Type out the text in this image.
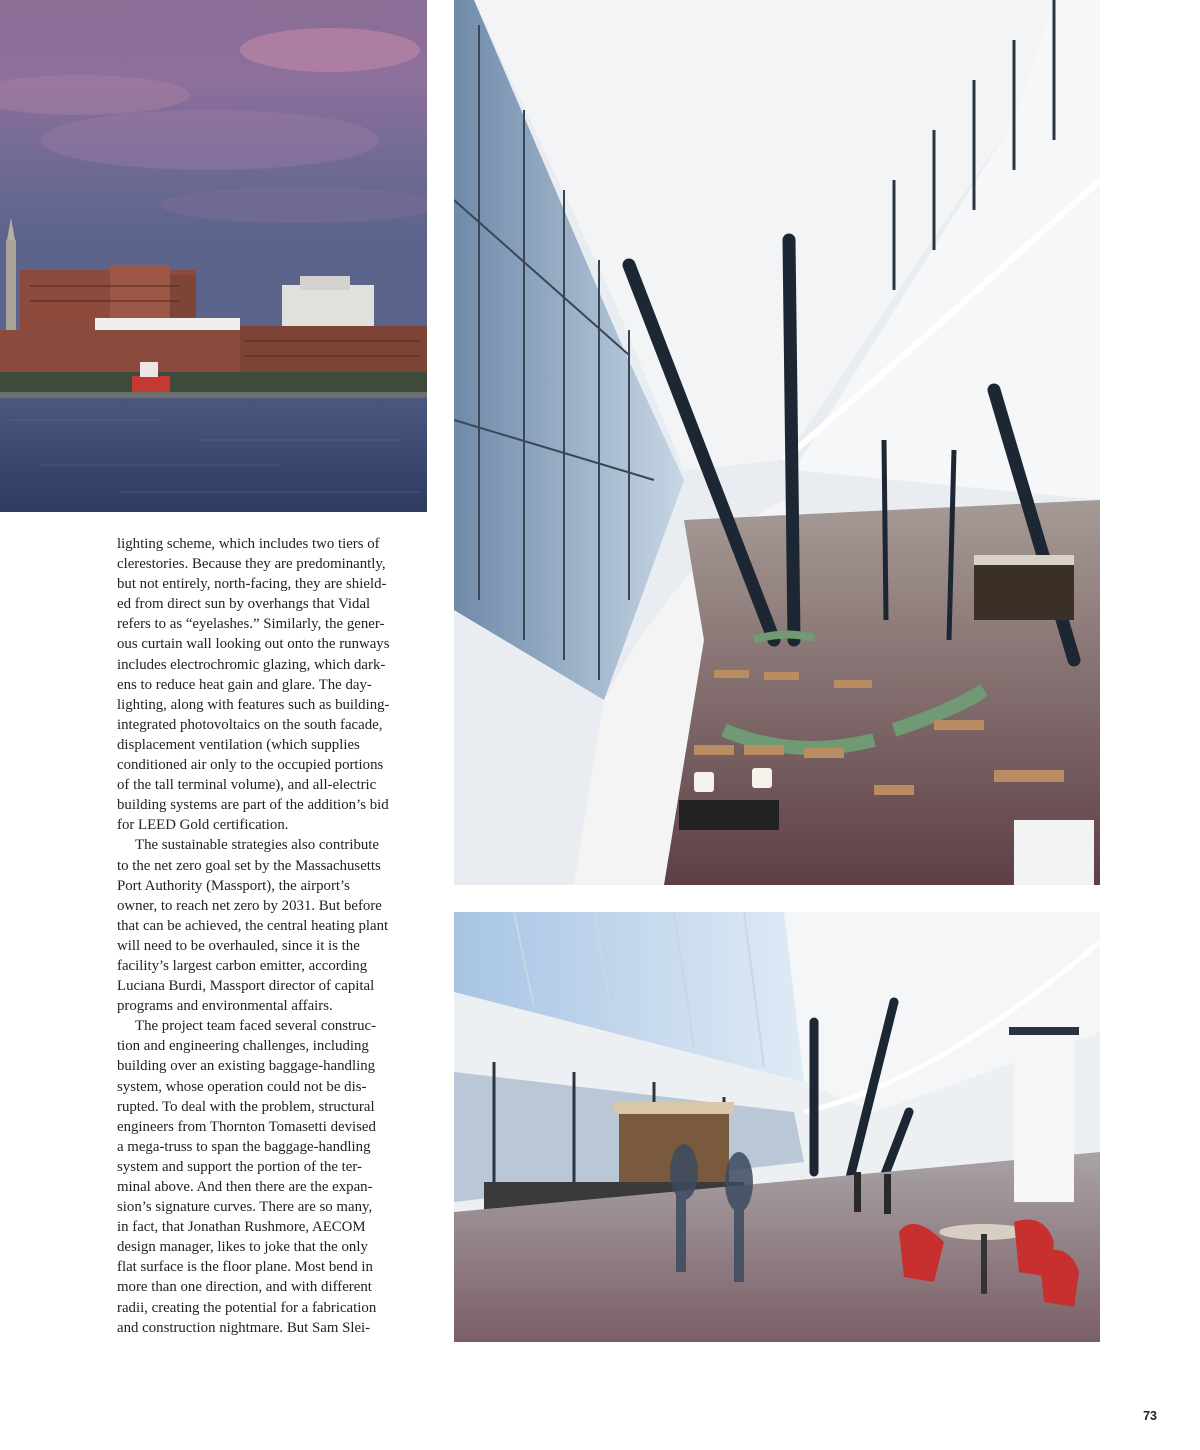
lighting scheme, which includes two tiers of
clerestories. Because they are predominantly,
but not entirely, north-facing, they are shield-
ed from direct sun by overhangs that Vidal
refers to as “eyelashes.” Similarly, the gener-
ous curtain wall looking out onto the runways
includes electrochromic glazing, which dark-
ens to reduce heat gain and glare. The day-
lighting, along with features such as building-
integrated photovoltaics on the south facade,
displacement ventilation (which supplies
conditioned air only to the occupied portions
of the tall terminal volume), and all-electric
building systems are part of the addition’s bid
for LEED Gold certification.

The sustainable strategies also contribute
to the net zero goal set by the Massachusetts
Port Authority (Massport), the airport’s
owner, to reach net zero by 2031. But before
that can be achieved, the central heating plant
will need to be overhauled, since it is the
facility’s largest carbon emitter, according
Luciana Burdi, Massport director of capital
programs and environmental affairs.

The project team faced several construc-
tion and engineering challenges, including
building over an existing baggage-handling
system, whose operation could not be dis-
rupted. To deal with the problem, structural
engineers from Thornton Tomasetti devised
a mega-truss to span the baggage-handling
system and support the portion of the ter-
minal above. And then there are the expan-
sion’s signature curves. There are so many,
in fact, that Jonathan Rushmore, AECOM
design manager, likes to joke that the only
flat surface is the floor plane. Most bend in
more than one direction, and with different
radii, creating the potential for a fabrication
and construction nightmare. But Sam Slei-

73
